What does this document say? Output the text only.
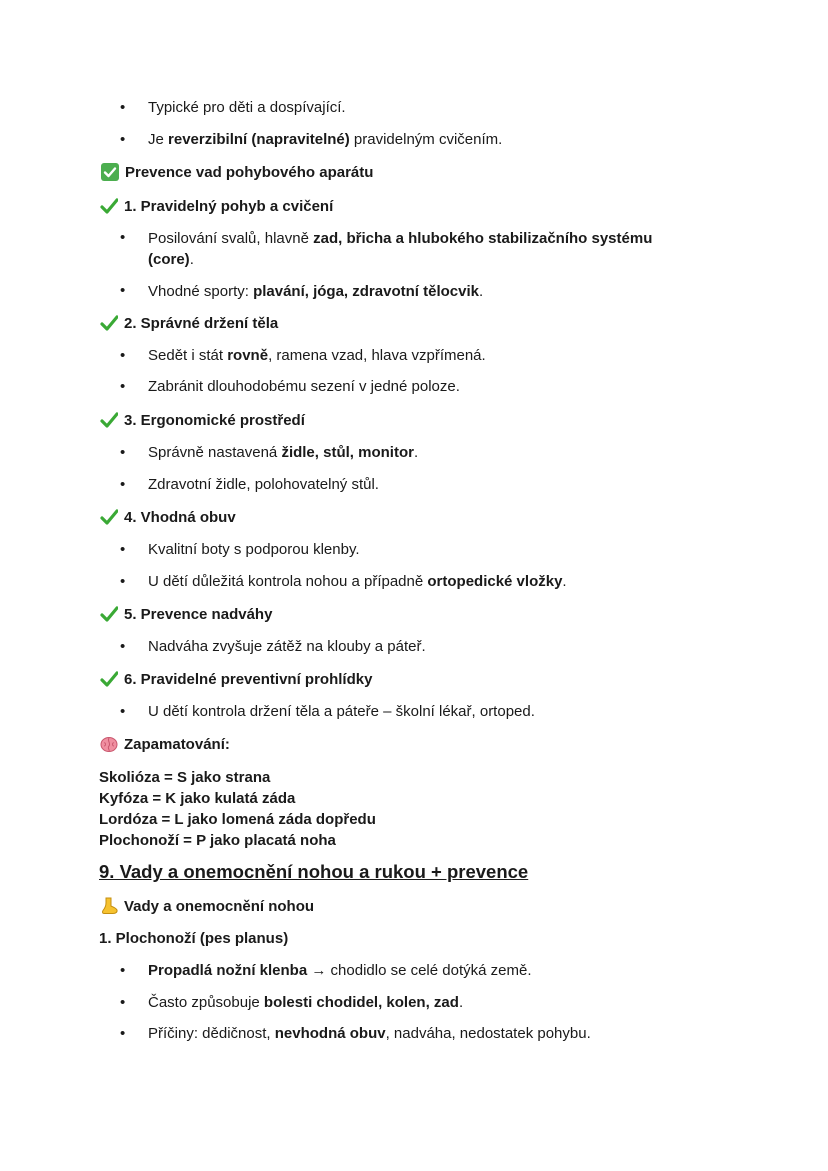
• Typické pro děti a dospívající.
• Je reverzibilní (napravitelné) pravidelným cvičením.
Prevence vad pohybového aparátu
1. Pravidelný pohyb a cvičení
• Posilování svalů, hlavně zad, břicha a hlubokého stabilizačního systému
(core).
• Vhodné sporty: plavání, jóga, zdravotní tělocvik.
2. Správné držení těla
• Sedět i stát rovně, ramena vzad, hlava vzpřímená.
• Zabránit dlouhodobému sezení v jedné poloze.
3. Ergonomické prostředí
• Správně nastavená židle, stůl, monitor.
• Zdravotní židle, polohovatelný stůl.
4. Vhodná obuv
• Kvalitní boty s podporou klenby.
• U dětí důležitá kontrola nohou a případně ortopedické vložky.
5. Prevence nadváhy
• Nadváha zvyšuje zátěž na klouby a páteř.
6. Pravidelné preventivní prohlídky
• U dětí kontrola držení těla a páteře – školní lékař, ortoped.
Zapamatování:
Skolióza = S jako strana
Kyfóza = K jako kulatá záda
Lordóza = L jako lomená záda dopředu
Plochonoží = P jako placatá noha
9. Vady a onemocnění nohou a rukou + prevence
Vady a onemocnění nohou
1. Plochonoží (pes planus)
• Propadlá nožní klenba → chodidlo se celé dotýká země.
• Často způsobuje bolesti chodidel, kolen, zad.
• Příčiny: dědičnost, nevhodná obuv, nadváha, nedostatek pohybu.
